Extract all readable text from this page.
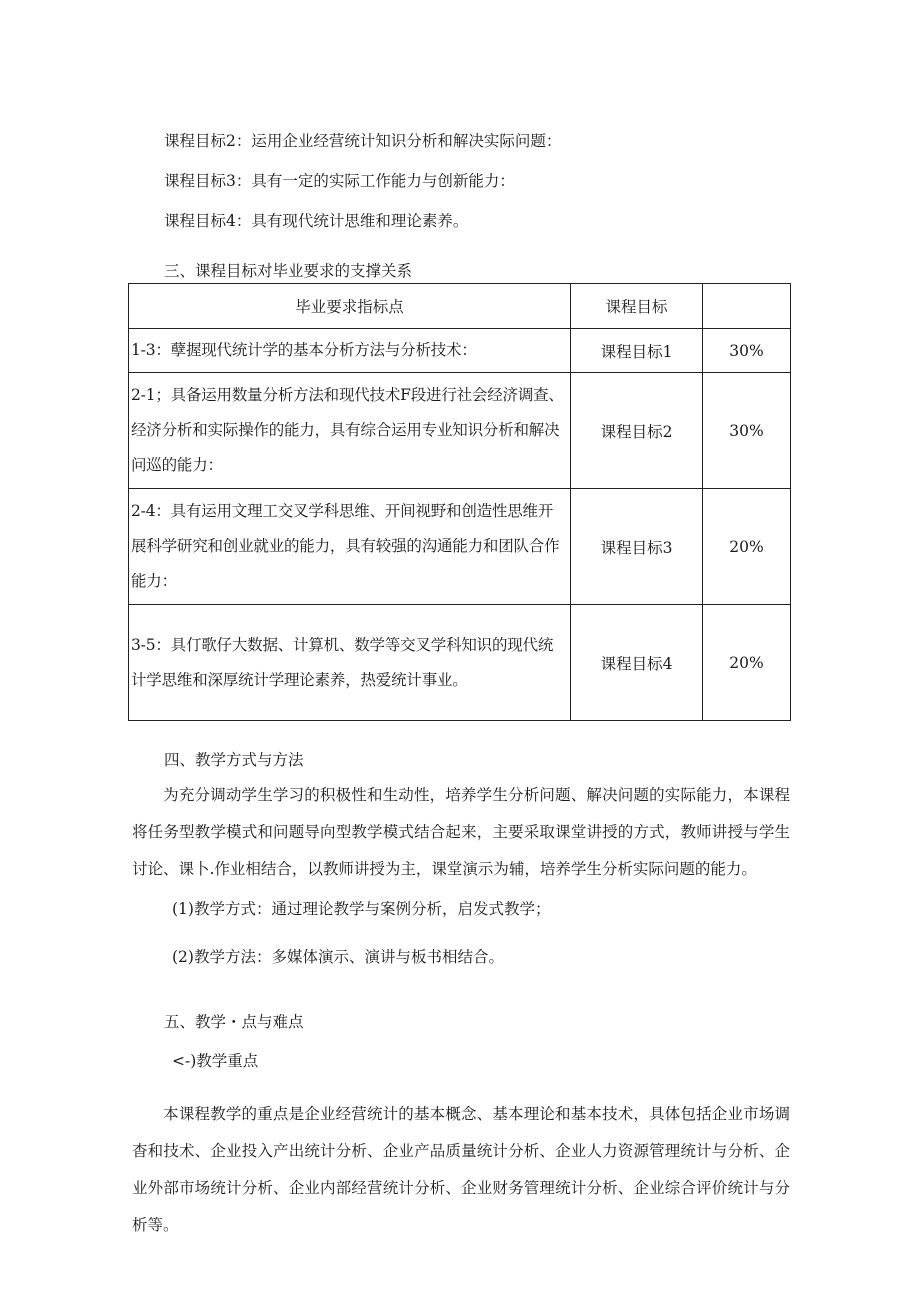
课程目标2：运用企业经营统计知识分析和解决实际问题：
课程目标3：具有一定的实际工作能力与创新能力：
课程目标4：具有现代统计思维和理论素养。
三、课程目标对毕业要求的支撑关系
毕业要求指标点	课程目标	
1-3：孽握现代统计学的基本分析方法与分析技术：	课程目标1	30%
2-1；具备运用数量分析方法和现代技术F段进行社会经济调查、经济分析和实际操作的能力，具有综合运用专业知识分析和解决问巡的能力：	课程目标2	30%
2-4：具有运用文理工交叉学科思维、开间视野和创造性思维开展科学研究和创业就业的能力，具有较强的沟通能力和团队合作能力：	课程目标3	20%
3-5：具仃歌仔大数据、计算机、数学等交叉学科知识的现代统计学思维和深厚统计学理论素养，热爱统计事业。	课程目标4	20%
四、教学方式与方法
为充分调动学生学习的积极性和生动性，培养学生分析问题、解决问题的实际能力，本课程将任务型教学模式和问题导向型教学模式结合起来，主要采取课堂讲授的方式，教师讲授与学生讨论、课卜.作业相结合，以教师讲授为主，课堂演示为辅，培养学生分析实际问题的能力。
(1)教学方式：通过理论教学与案例分析，启发式教学；
(2)教学方法：多媒体演示、演讲与板书相结合。
五、教学・点与难点
<-)教学重点
本课程教学的重点是企业经营统计的基本概念、基本理论和基本技术，具体包括企业市场调杳和技术、企业投入产出统计分析、企业产品质量统计分析、企业人力资源管理统计与分析、企业外部市场统计分析、企业内部经营统计分析、企业财务管理统计分析、企业综合评价统计与分析等。
